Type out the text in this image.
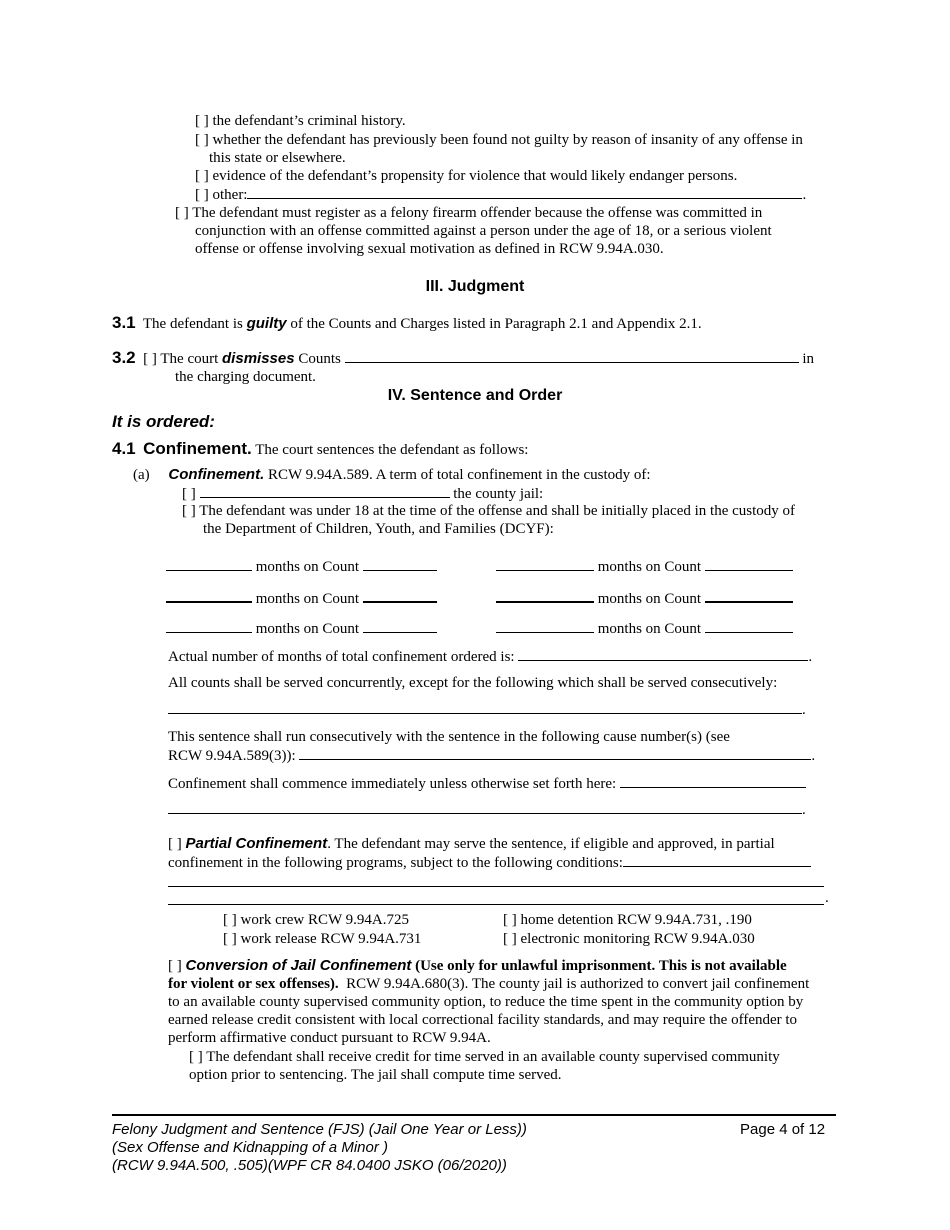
[ ] the defendant’s criminal history.
[ ] whether the defendant has previously been found not guilty by reason of insanity of any offense in
this state or elsewhere.
[ ] evidence of the defendant’s propensity for violence that would likely endanger persons.
[ ] other:	.
[ ] The defendant must register as a felony firearm offender because the offense was committed in
conjunction with an offense committed against a person under the age of 18, or a serious violent
offense or offense involving sexual motivation as defined in RCW 9.94A.030.
III. Judgment
3.1 The defendant is guilty of the Counts and Charges listed in Paragraph 2.1 and Appendix 2.1.
3.2 [ ] The court dismisses Counts	in
the charging document.
IV. Sentence and Order
It is ordered:
4.1 Confinement. The court sentences the defendant as follows:
(a) Confinement. RCW 9.94A.589. A term of total confinement in the custody of:
[ ]	the county jail:
[ ] The defendant was under 18 at the time of the offense and shall be initially placed in the custody of
the Department of Children, Youth, and Families (DCYF):
months on Count	months on Count
months on Count	months on Count
months on Count	months on Count
Actual number of months of total confinement ordered is:	.
All counts shall be served concurrently, except for the following which shall be served consecutively:
.
This sentence shall run consecutively with the sentence in the following cause number(s) (see
RCW 9.94A.589(3)):	.
Confinement shall commence immediately unless otherwise set forth here:
.
[ ] Partial Confinement. The defendant may serve the sentence, if eligible and approved, in partial
confinement in the following programs, subject to the following conditions:
.
[ ] work crew RCW 9.94A.725	[ ] home detention RCW 9.94A.731, .190
[ ] work release RCW 9.94A.731	[ ] electronic monitoring RCW 9.94A.030
[ ] Conversion of Jail Confinement (Use only for unlawful imprisonment. This is not available
for violent or sex offenses). RCW 9.94A.680(3). The county jail is authorized to convert jail confinement
to an available county supervised community option, to reduce the time spent in the community option by
earned release credit consistent with local correctional facility standards, and may require the offender to
perform affirmative conduct pursuant to RCW 9.94A.
[ ] The defendant shall receive credit for time served in an available county supervised community
option prior to sentencing. The jail shall compute time served.
Felony Judgment and Sentence (FJS) (Jail One Year or Less))
(Sex Offense and Kidnapping of a Minor )
(RCW 9.94A.500, .505)(WPF CR 84.0400 JSKO (06/2020))
Page 4 of 12
